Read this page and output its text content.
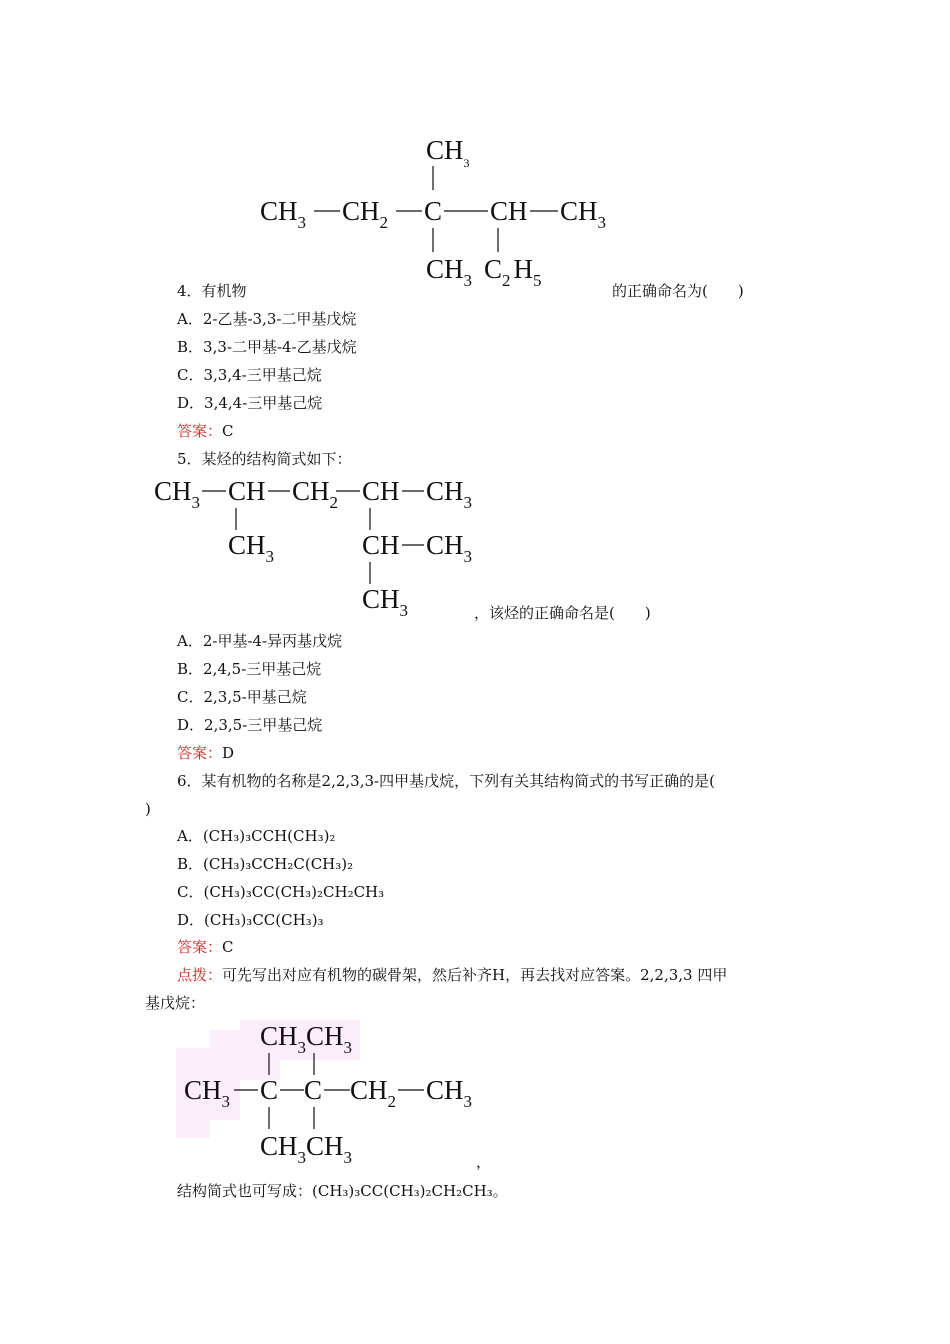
$CH_3$
$CH_3$ $CH_2$ C CH $CH_3$
$CH_3$ $C_2$ $H_5$
4．有机物	的正确命名为(　　)
A．2-乙基-3,3-二甲基戊烷
B．3,3-二甲基-4-乙基戊烷
C．3,3,4-三甲基己烷
D．3,4,4-三甲基己烷
答案：C
5．某烃的结构简式如下：
$CH_3$ CH $CH_2$ CH $CH_3$
$CH_3$	CH $CH_3$
$CH_3$	，该烃的正确命名是(　　)
A．2-甲基-4-异丙基戊烷
B．2,4,5-三甲基己烷
C．2,3,5-甲基己烷
D．2,3,5-三甲基己烷
答案：D
6．某有机物的名称是2,2,3,3-四甲基戊烷，下列有关其结构简式的书写正确的是(
)
A．(CH₃)₃CCH(CH₃)₂
B．(CH₃)₃CCH₂C(CH₃)₂
C．(CH₃)₃CC(CH₃)₂CH₂CH₃
D．(CH₃)₃CC(CH₃)₃
答案：C
点拨：可先写出对应有机物的碳骨架，然后补齐H，再去找对应答案。2,2,3,3 四甲
基戊烷：
$CH_3CH_3$
$CH_3$ C C $CH_2$ $CH_3$
$CH_3CH_3$	，
结构简式也可写成：(CH₃)₃CC(CH₃)₂CH₂CH₃。
